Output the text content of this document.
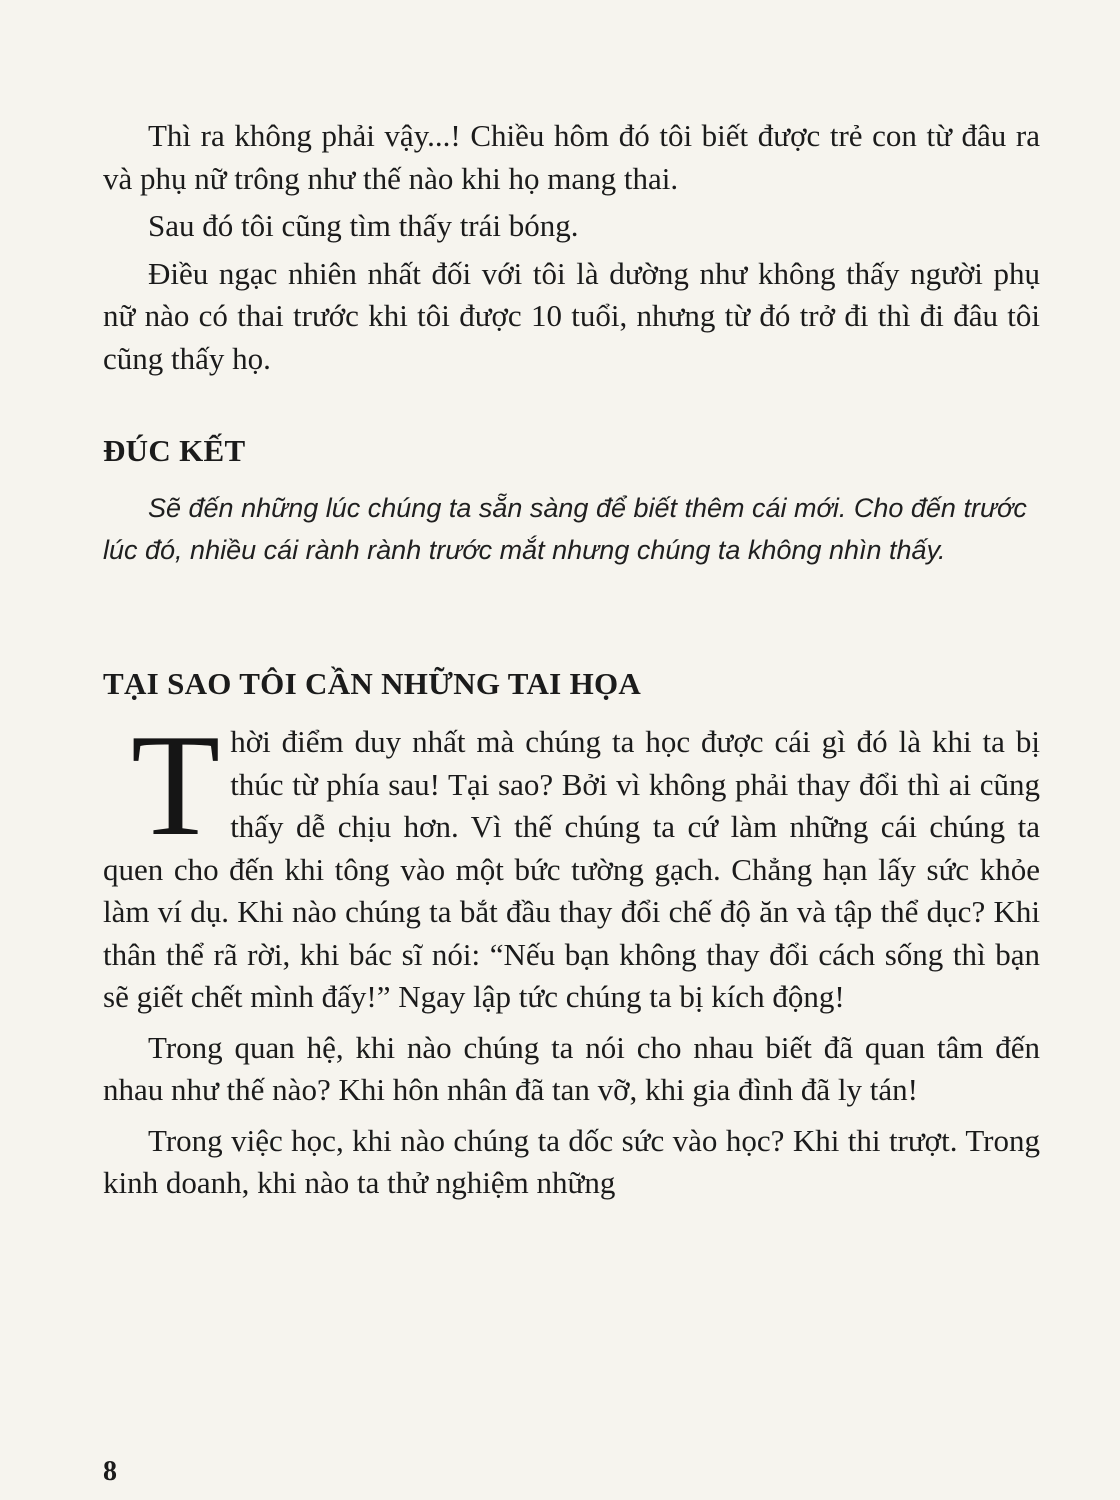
Thì ra không phải vậy...! Chiều hôm đó tôi biết được trẻ con từ đâu ra và phụ nữ trông như thế nào khi họ mang thai.

Sau đó tôi cũng tìm thấy trái bóng.

Điều ngạc nhiên nhất đối với tôi là dường như không thấy người phụ nữ nào có thai trước khi tôi được 10 tuổi, nhưng từ đó trở đi thì đi đâu tôi cũng thấy họ.

ĐÚC KẾT

Sẽ đến những lúc chúng ta sẵn sàng để biết thêm cái mới. Cho đến trước lúc đó, nhiều cái rành rành trước mắt nhưng chúng ta không nhìn thấy.

TẠI SAO TÔI CẦN NHỮNG TAI HỌA

T hời điểm duy nhất mà chúng ta học được cái gì đó là khi ta bị thúc từ phía sau! Tại sao? Bởi vì không phải thay đổi thì ai cũng thấy dễ chịu hơn. Vì thế chúng ta cứ làm những cái chúng ta quen cho đến khi tông vào một bức tường gạch. Chẳng hạn lấy sức khỏe làm ví dụ. Khi nào chúng ta bắt đầu thay đổi chế độ ăn và tập thể dục? Khi thân thể rã rời, khi bác sĩ nói: “Nếu bạn không thay đổi cách sống thì bạn sẽ giết chết mình đấy!” Ngay lập tức chúng ta bị kích động!

Trong quan hệ, khi nào chúng ta nói cho nhau biết đã quan tâm đến nhau như thế nào? Khi hôn nhân đã tan vỡ, khi gia đình đã ly tán!

Trong việc học, khi nào chúng ta dốc sức vào học? Khi thi trượt. Trong kinh doanh, khi nào ta thử nghiệm những

8
